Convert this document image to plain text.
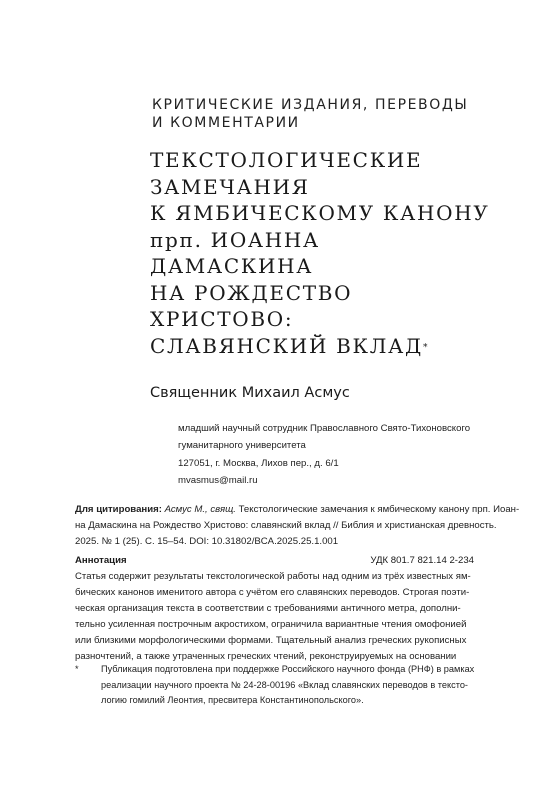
КРИТИЧЕСКИЕ ИЗДАНИЯ, ПЕРЕВОДЫ
И КОММЕНТАРИИ
ТЕКСТОЛОГИЧЕСКИЕ
ЗАМЕЧАНИЯ
К ЯМБИЧЕСКОМУ КАНОНУ
прп. ИОАННА
ДАМАСКИНА
НА РОЖДЕСТВО
ХРИСТОВО:
СЛАВЯНСКИЙ ВКЛАД*
Священник Михаил Асмус
младший научный сотрудник Православного Свято-Тихоновского
гуманитарного университета
127051, г. Москва, Лихов пер., д. 6/1
mvasmus@mail.ru
Для цитирования: Асмус М., свящ. Текстологические замечания к ямбическому канону прп. Иоан-
на Дамаскина на Рождество Христово: славянский вклад // Библия и христианская древность.
2025. № 1 (25). С. 15–54. DOI: 10.31802/BCA.2025.25.1.001
Аннотация	УДК 801.7 821.14 2-234
Статья содержит результаты текстологической работы над одним из трёх известных ям-
бических канонов именитого автора с учётом его славянских переводов. Строгая поэти-
ческая организация текста в соответствии с требованиями античного метра, дополни-
тельно усиленная построчным акростихом, ограничила вариантные чтения омофонией
или близкими морфологическими формами. Тщательный анализ греческих рукописных
разночтений, а также утраченных греческих чтений, реконструируемых на основании
* Публикация подготовлена при поддержке Российского научного фонда (РНФ) в рамках
реализации научного проекта № 24-28-00196 «Вклад славянских переводов в тексто-
логию гомилий Леонтия, пресвитера Константинопольского».
